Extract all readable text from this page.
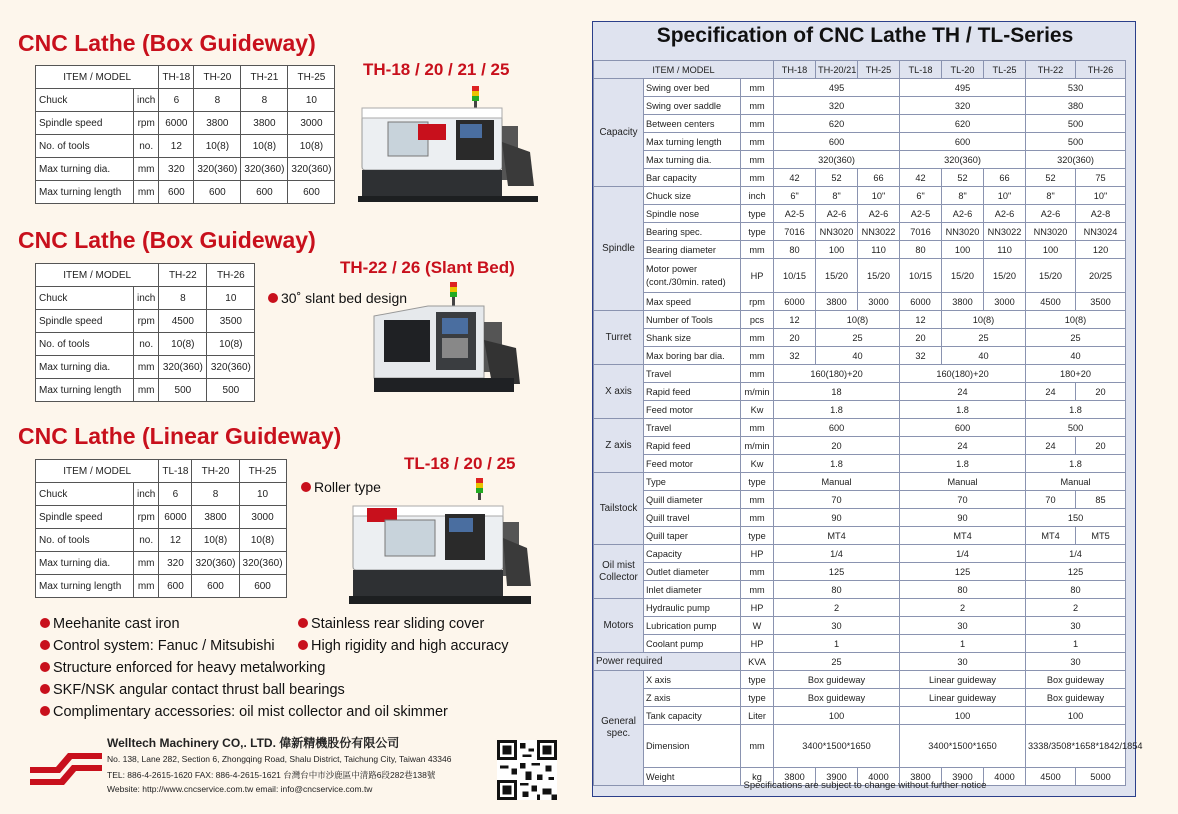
CNC Lathe (Box Guideway)
TH-18 / 20 / 21 / 25
CNC Lathe (Box Guideway)
TH-22 / 26 (Slant Bed)
30˚ slant bed design
CNC Lathe (Linear Guideway)
TL-18 / 20 / 25
Roller type
ITEM / MODEL		TH-18	TH-20	TH-21	TH-25
Chuck	inch	6	8	8	10
Spindle speed	rpm	6000	3800	3800	3000
No. of tools	no.	12	10(8)	10(8)	10(8)
Max turning dia.	mm	320	320(360)	320(360)	320(360)
Max turning length	mm	600	600	600	600
ITEM / MODEL		TH-22	TH-26
Chuck	inch	8	10
Spindle speed	rpm	4500	3500
No. of tools	no.	10(8)	10(8)
Max turning dia.	mm	320(360)	320(360)
Max turning length	mm	500	500
ITEM / MODEL		TL-18	TH-20	TH-25
Chuck	inch	6	8	10
Spindle speed	rpm	6000	3800	3000
No. of tools	no.	12	10(8)	10(8)
Max turning dia.	mm	320	320(360)	320(360)
Max turning length	mm	600	600	600
Meehanite cast iron	Stainless rear sliding cover
Control system: Fanuc / Mitsubishi	High rigidity and high accuracy
Structure enforced for heavy metalworking
SKF/NSK angular contact thrust ball bearings
Complimentary accessories: oil mist collector and oil skimmer
Welltech Machinery CO,. LTD. 偉新精機股份有限公司
No. 138, Lane 282, Section 6, Zhongqing Road, Shalu District, Taichung City, Taiwan 43346
TEL: 886-4-2615-1620 FAX: 886-4-2615-1621 台灣台中市沙鹿區中清路6段282巷138號
Website: http://www.cncservice.com.tw email: info@cncservice.com.tw
Specification of CNC Lathe TH / TL-Series
ITEM / MODEL			TH-18	TH-20/21	TH-25	TL-18	TL-20	TL-25	TH-22	TH-26
Capacity	Swing over bed	mm	495			495			530	
	Swing over saddle	mm	320			320			380	
	Between centers	mm	620			620			500	
	Max turning length	mm	600			600			500	
	Max turning dia.	mm	320(360)			320(360)			320(360)	
	Bar capacity	mm	42	52	66	42	52	66	52	75
Spindle	Chuck size	inch	6"	8"	10"	6"	8"	10"	8"	10"
	Spindle nose	type	A2-5	A2-6	A2-6	A2-5	A2-6	A2-6	A2-6	A2-8
	Bearing spec.	type	7016	NN3020	NN3022	7016	NN3020	NN3022	NN3020	NN3024
	Bearing diameter	mm	80	100	110	80	100	110	100	120
	Motor power (cont./30min. rated)	HP	10/15	15/20	15/20	10/15	15/20	15/20	15/20	20/25
	Max speed	rpm	6000	3800	3000	6000	3800	3000	4500	3500
Turret	Number of Tools	pcs	12	10(8)		12	10(8)		10(8)	
	Shank size	mm	20	25		20	25		25	
	Max boring bar dia.	mm	32	40		32	40		40	
X axis	Travel	mm	160(180)+20			160(180)+20			180+20	
	Rapid feed	m/min	18			24			24	20
	Feed motor	Kw	1.8			1.8			1.8	
Z axis	Travel	mm	600			600			500	
	Rapid feed	m/min	20			24			24	20
	Feed motor	Kw	1.8			1.8			1.8	
Tailstock	Type	type	Manual			Manual			Manual	
	Quill diameter	mm	70			70			70	85
	Quill travel	mm	90			90			150	
	Quill taper	type	MT4			MT4			MT4	MT5
Oil mist Collector	Capacity	HP	1/4			1/4			1/4	
	Outlet diameter	mm	125			125			125	
	Inlet diameter	mm	80			80			80	
Motors	Hydraulic pump	HP	2			2			2	
	Lubrication pump	W	30			30			30	
	Coolant pump	HP	1			1			1	
Power required		KVA	25			30			30	
General spec.	X axis	type	Box guideway			Linear guideway			Box guideway	
	Z axis	type	Box guideway			Linear guideway			Box guideway	
	Tank capacity	Liter	100			100			100	
	Dimension	mm	3400*1500*1650			3400*1500*1650			3338/3508*1658*1842/1854	
	Weight	kg	3800	3900	4000	3800	3900	4000	4500	5000
Specifications are subject to change without further notice
